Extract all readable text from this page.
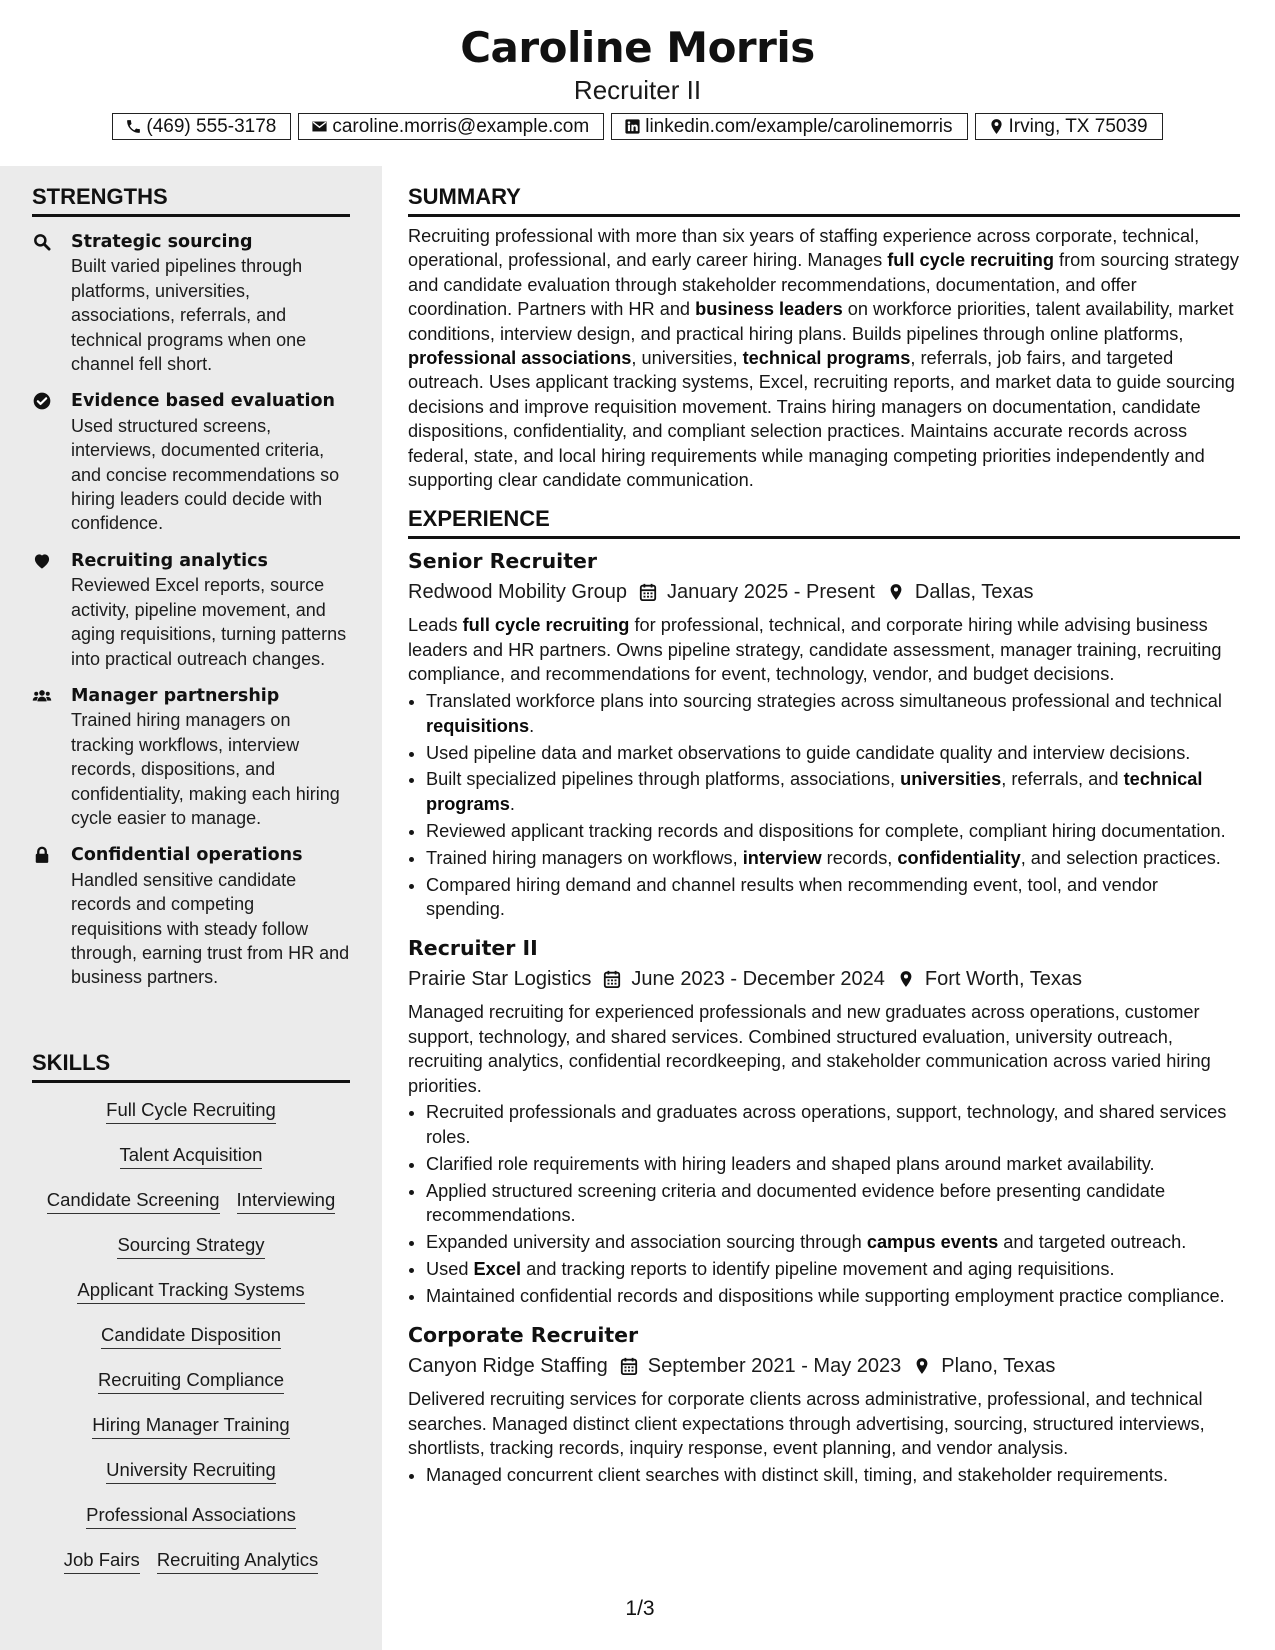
Caroline Morris
Recruiter II
(469) 555-3178	caroline.morris@example.com	linkedin.com/example/carolinemorris	Irving, TX 75039
STRENGTHS
Strategic sourcing
Built varied pipelines through platforms, universities, associations, referrals, and technical programs when one channel fell short.
Evidence based evaluation
Used structured screens, interviews, documented criteria, and concise recommendations so hiring leaders could decide with confidence.
Recruiting analytics
Reviewed Excel reports, source activity, pipeline movement, and aging requisitions, turning patterns into practical outreach changes.
Manager partnership
Trained hiring managers on tracking workflows, interview records, dispositions, and confidentiality, making each hiring cycle easier to manage.
Confidential operations
Handled sensitive candidate records and competing requisitions with steady follow through, earning trust from HR and business partners.
SKILLS
Full Cycle Recruiting
Talent Acquisition
Candidate Screening Interviewing
Sourcing Strategy
Applicant Tracking Systems
Candidate Disposition
Recruiting Compliance
Hiring Manager Training
University Recruiting
Professional Associations
Job Fairs Recruiting Analytics
SUMMARY

Recruiting professional with more than six years of staffing experience across corporate, technical, operational, professional, and early career hiring. Manages full cycle recruiting from sourcing strategy and candidate evaluation through stakeholder recommendations, documentation, and offer coordination. Partners with HR and business leaders on workforce priorities, talent availability, market conditions, interview design, and practical hiring plans. Builds pipelines through online platforms, professional associations, universities, technical programs, referrals, job fairs, and targeted outreach. Uses applicant tracking systems, Excel, recruiting reports, and market data to guide sourcing decisions and improve requisition movement. Trains hiring managers on documentation, candidate dispositions, confidentiality, and compliant selection practices. Maintains accurate records across federal, state, and local hiring requirements while managing competing priorities independently and supporting clear candidate communication.

EXPERIENCE
Senior Recruiter
Redwood Mobility Group January 2025 - Present Dallas, Texas

Leads full cycle recruiting for professional, technical, and corporate hiring while advising business leaders and HR partners. Owns pipeline strategy, candidate assessment, manager training, recruiting compliance, and recommendations for event, technology, vendor, and budget decisions.

• Translated workforce plans into sourcing strategies across simultaneous professional and technical requisitions.
• Used pipeline data and market observations to guide candidate quality and interview decisions.
• Built specialized pipelines through platforms, associations, universities, referrals, and technical programs.
• Reviewed applicant tracking records and dispositions for complete, compliant hiring documentation.
• Trained hiring managers on workflows, interview records, confidentiality, and selection practices.
• Compared hiring demand and channel results when recommending event, tool, and vendor spending.
Recruiter II
Prairie Star Logistics June 2023 - December 2024 Fort Worth, Texas

Managed recruiting for experienced professionals and new graduates across operations, customer support, technology, and shared services. Combined structured evaluation, university outreach, recruiting analytics, confidential recordkeeping, and stakeholder communication across varied hiring priorities.

• Recruited professionals and graduates across operations, support, technology, and shared services roles.
• Clarified role requirements with hiring leaders and shaped plans around market availability.
• Applied structured screening criteria and documented evidence before presenting candidate recommendations.
• Expanded university and association sourcing through campus events and targeted outreach.
• Used Excel and tracking reports to identify pipeline movement and aging requisitions.
• Maintained confidential records and dispositions while supporting employment practice compliance.
Corporate Recruiter
Canyon Ridge Staffing September 2021 - May 2023 Plano, Texas

Delivered recruiting services for corporate clients across administrative, professional, and technical searches. Managed distinct client expectations through advertising, sourcing, structured interviews, shortlists, tracking records, inquiry response, event planning, and vendor analysis.

• Managed concurrent client searches with distinct skill, timing, and stakeholder requirements.
1/3
